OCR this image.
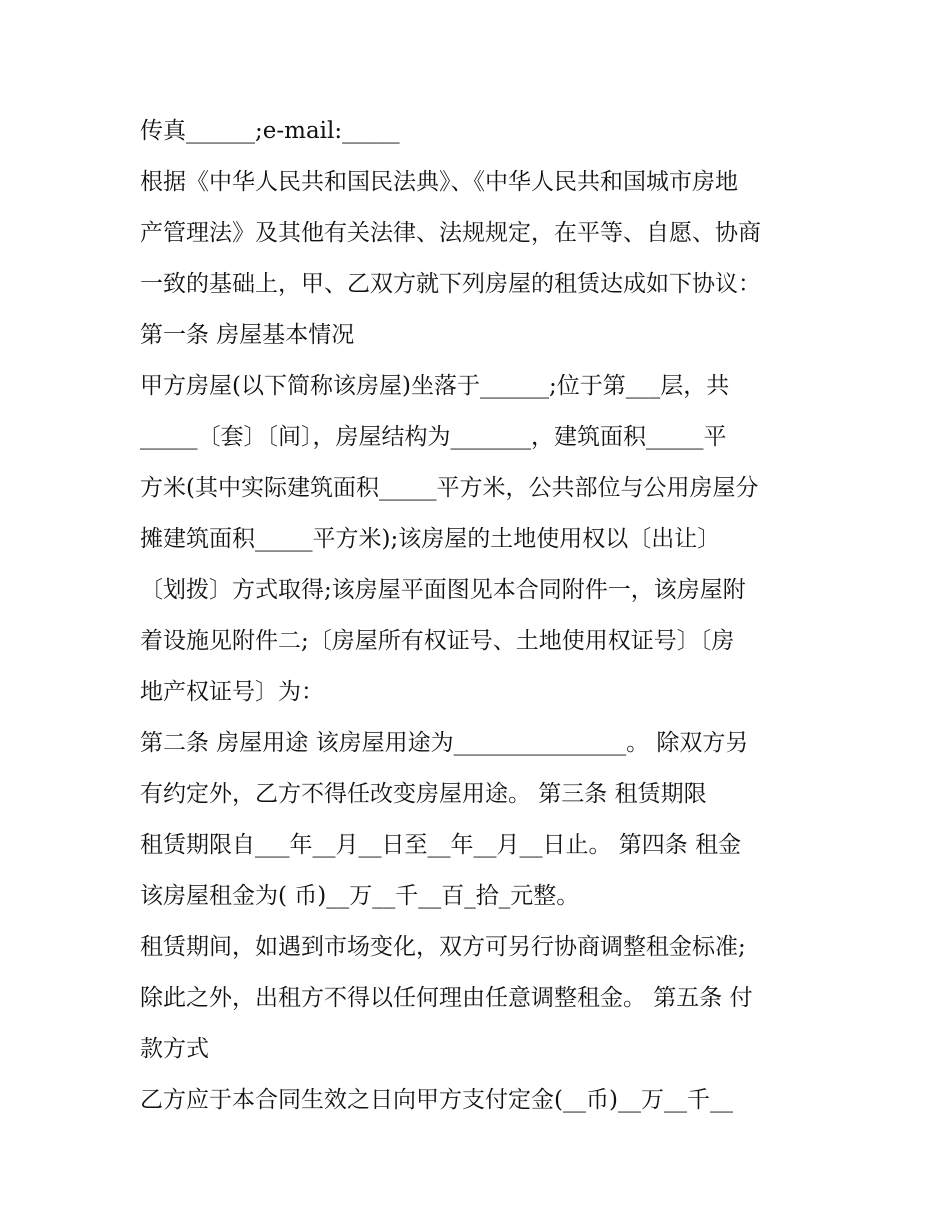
传真______;e-mail:_____
根据《中华人民共和国民法典》、《中华人民共和国城市房地
产管理法》及其他有关法律、法规规定，在平等、自愿、协商
一致的基础上，甲、乙双方就下列房屋的租赁达成如下协议：
第一条 房屋基本情况
甲方房屋(以下简称该房屋)坐落于______;位于第___层，共
_____〔套〕〔间〕，房屋结构为_______，建筑面积_____平
方米(其中实际建筑面积_____平方米，公共部位与公用房屋分
摊建筑面积_____平方米);该房屋的土地使用权以〔出让〕
〔划拨〕方式取得;该房屋平面图见本合同附件一，该房屋附
着设施见附件二;〔房屋所有权证号、土地使用权证号〕〔房
地产权证号〕为：
第二条 房屋用途 该房屋用途为_______________。 除双方另
有约定外，乙方不得任改变房屋用途。 第三条 租赁期限
租赁期限自___年__月__日至__年__月__日止。 第四条 租金
该房屋租金为( 币)__万__千__百_拾_元整。
租赁期间，如遇到市场变化，双方可另行协商调整租金标准;
除此之外，出租方不得以任何理由任意调整租金。 第五条 付
款方式
乙方应于本合同生效之日向甲方支付定金(__币)__万__千__
